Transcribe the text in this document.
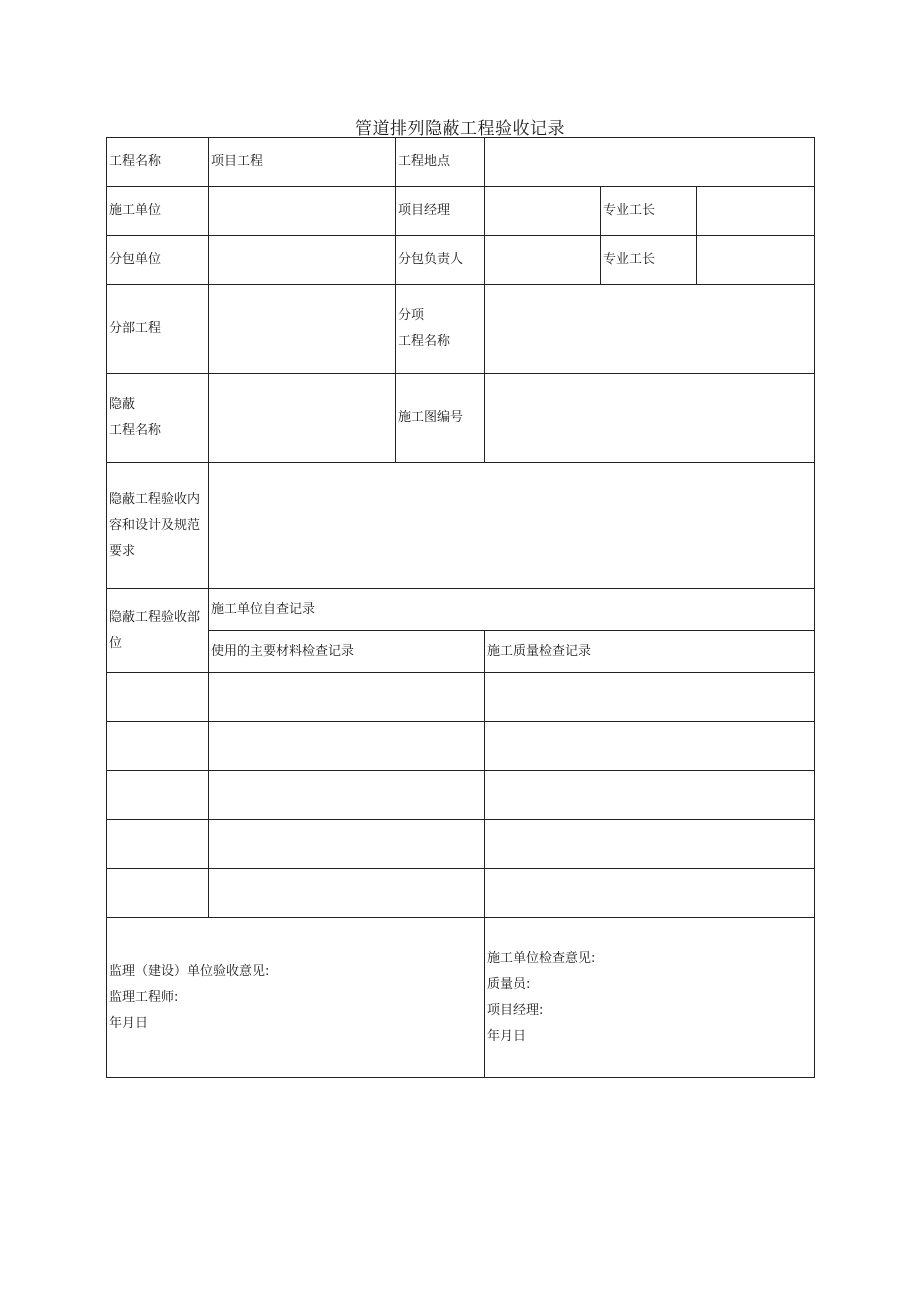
管道排列隐蔽工程验收记录
工程名称	项目工程	工程地点			
施工单位		项目经理		专业工长	
分包单位		分包负责人		专业工长	
分部工程		分项
工程名称			

隐蔽
工程名称		施工图编号			

隐蔽工程验收内
容和设计及规范
要求					

隐蔽工程验收部
位	施工单位自查记录				
	使用的主要材料检查记录		施工质量检查记录		

监理（建设）单位验收意见:
监理工程师:
年月日			施工单位检查意见:
质量员:
项目经理:
年月日		
